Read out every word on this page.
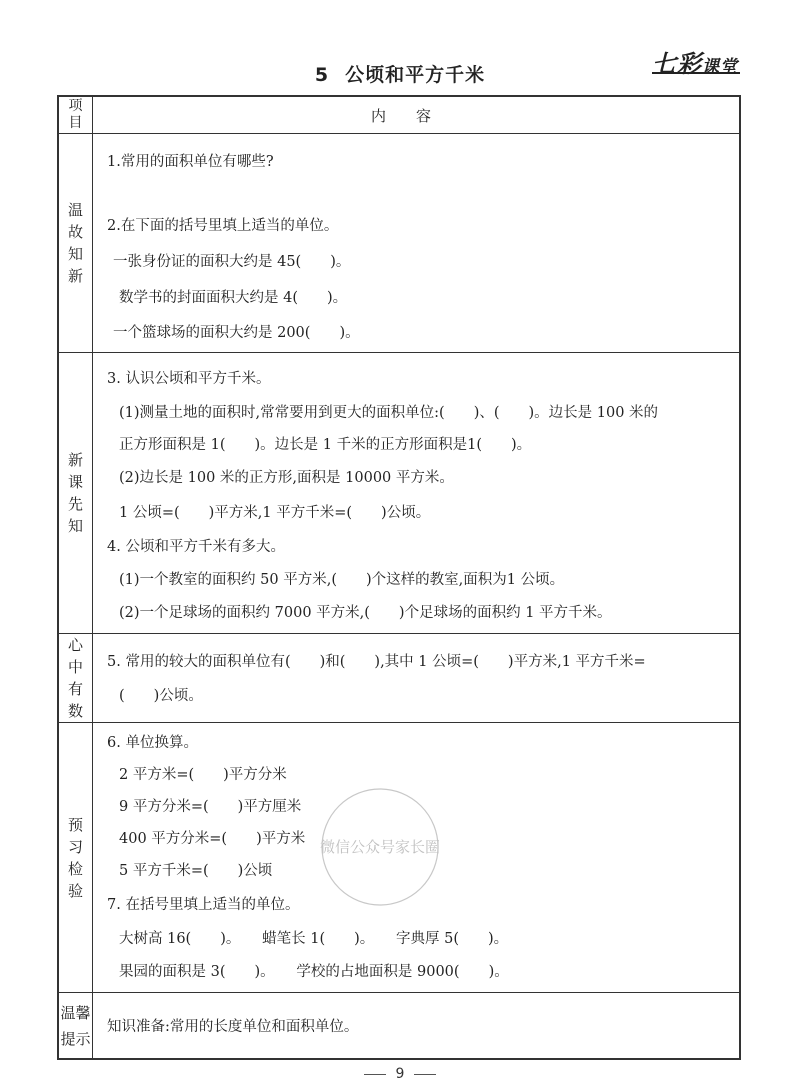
5 公顷和平方千米	七彩课堂
项目	内容
温故知新
1.常用的面积单位有哪些?
2.在下面的括号里填上适当的单位。
一张身份证的面积大约是 45(　　)。
数学书的封面面积大约是 4(　　)。
一个篮球场的面积大约是 200(　　)。
新课先知
3. 认识公顷和平方千米。
(1)测量土地的面积时,常常要用到更大的面积单位:(　　)、(　　)。边长是 100 米的
正方形面积是 1(　　)。边长是 1 千米的正方形面积是1(　　)。
(2)边长是 100 米的正方形,面积是 10000 平方米。
1 公顷=(　　)平方米,1 平方千米=(　　)公顷。
4. 公顷和平方千米有多大。
(1)一个教室的面积约 50 平方米,(　　)个这样的教室,面积为1 公顷。
(2)一个足球场的面积约 7000 平方米,(　　)个足球场的面积约 1 平方千米。
心中有数
5. 常用的较大的面积单位有(　　)和(　　),其中 1 公顷=(　　)平方米,1 平方千米=
(　　)公顷。
预习检验
6. 单位换算。
2 平方米=(　　)平方分米
9 平方分米=(　　)平方厘米
400 平方分米=(　　)平方米
5 平方千米=(　　)公顷
7. 在括号里填上适当的单位。
大树高 16(　　)。　　蜡笔长 1(　　)。　　字典厚 5(　　)。
果园的面积是 3(　　)。　　学校的占地面积是 9000(　　)。
温馨提示
知识准备:常用的长度单位和面积单位。
微信公众号家长圈
9
